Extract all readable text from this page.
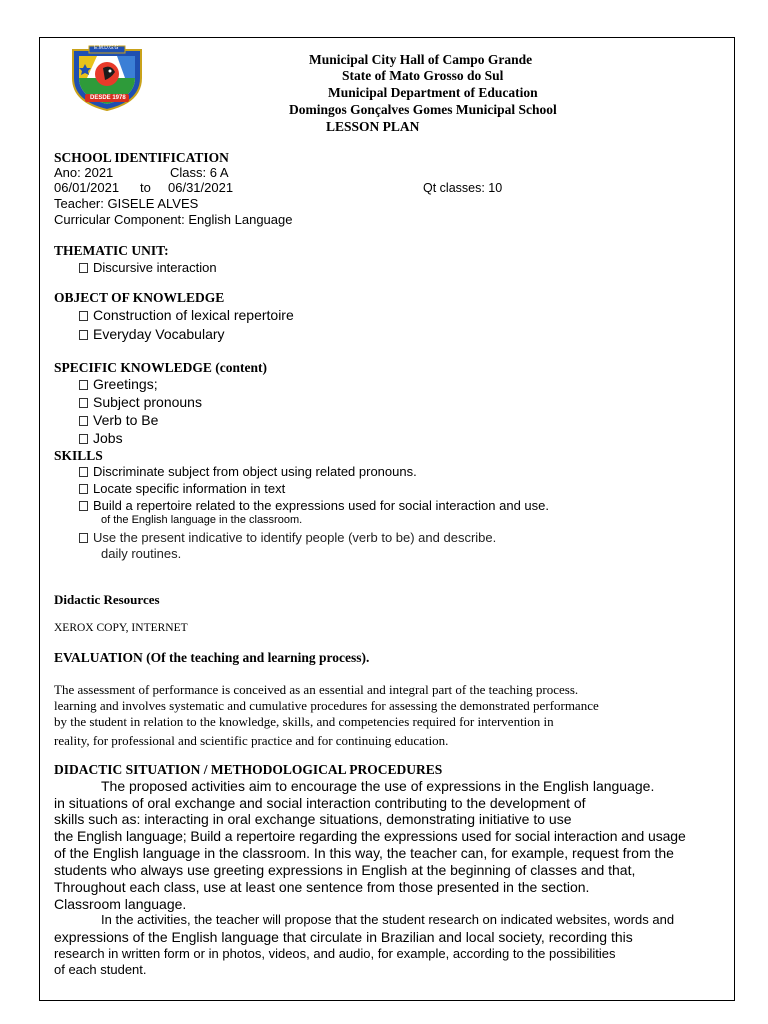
E.M.D.G.G
DESDE 1978
Municipal City Hall of Campo Grande
State of Mato Grosso do Sul
Municipal Department of Education
Domingos Gonçalves Gomes Municipal School
LESSON PLAN
SCHOOL IDENTIFICATION
Ano: 2021	Class: 6 A
06/01/2021 to 06/31/2021	Qt classes: 10
Teacher: GISELE ALVES
Curricular Component: English Language
THEMATIC UNIT:
Discursive interaction
OBJECT OF KNOWLEDGE
Construction of lexical repertoire
Everyday Vocabulary
SPECIFIC KNOWLEDGE (content)
Greetings;
Subject pronouns
Verb to Be
Jobs
SKILLS
Discriminate subject from object using related pronouns.
Locate specific information in text
Build a repertoire related to the expressions used for social interaction and use.
of the English language in the classroom.
Use the present indicative to identify people (verb to be) and describe.
daily routines.
Didactic Resources
XEROX COPY, INTERNET
EVALUATION (Of the teaching and learning process).
The assessment of performance is conceived as an essential and integral part of the teaching process.
learning and involves systematic and cumulative procedures for assessing the demonstrated performance
by the student in relation to the knowledge, skills, and competencies required for intervention in
reality, for professional and scientific practice and for continuing education.
DIDACTIC SITUATION / METHODOLOGICAL PROCEDURES
The proposed activities aim to encourage the use of expressions in the English language.
in situations of oral exchange and social interaction contributing to the development of
skills such as: interacting in oral exchange situations, demonstrating initiative to use
the English language; Build a repertoire regarding the expressions used for social interaction and usage
of the English language in the classroom. In this way, the teacher can, for example, request from the
students who always use greeting expressions in English at the beginning of classes and that,
Throughout each class, use at least one sentence from those presented in the section.
Classroom language.
In the activities, the teacher will propose that the student research on indicated websites, words and
expressions of the English language that circulate in Brazilian and local society, recording this
research in written form or in photos, videos, and audio, for example, according to the possibilities
of each student.
